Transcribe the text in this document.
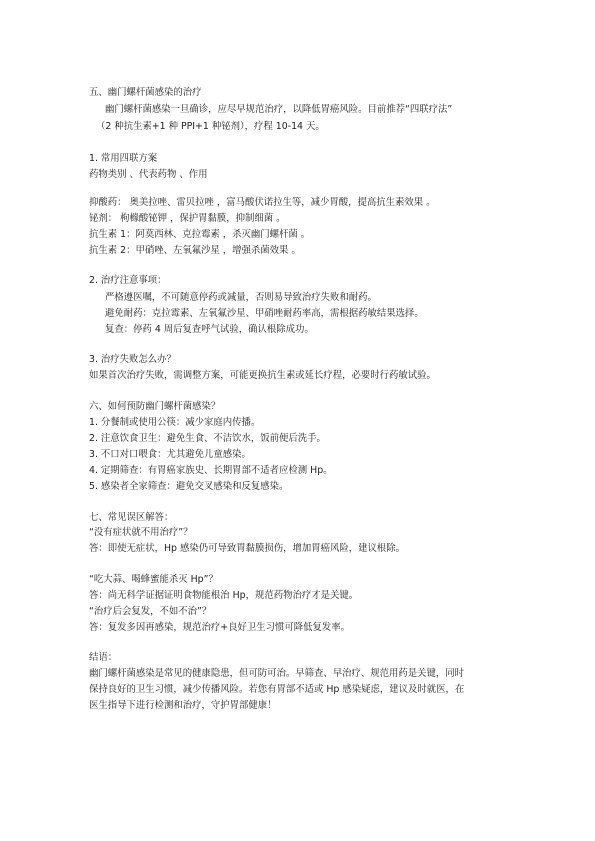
五、幽门螺杆菌感染的治疗
幽门螺杆菌感染一旦确诊，应尽早规范治疗，以降低胃癌风险。目前推荐“四联疗法”
（2 种抗生素+1 种 PPI+1 种铋剂），疗程 10-14 天。
1. 常用四联方案
药物类别 、代表药物 、作用
抑酸药： 奥美拉唑、雷贝拉唑 ，富马酸伏诺拉生等，减少胃酸，提高抗生素效果 。
铋剂： 枸橼酸铋钾 ，保护胃黏膜，抑制细菌 。
抗生素 1：阿莫西林、克拉霉素 ，杀灭幽门螺杆菌 。
抗生素 2：甲硝唑、左氧氟沙星 ，增强杀菌效果 。
2. 治疗注意事项：
严格遵医嘱，不可随意停药或减量，否则易导致治疗失败和耐药。
避免耐药：克拉霉素、左氧氟沙星、甲硝唑耐药率高，需根据药敏结果选择。
复查：停药 4 周后复查呼气试验，确认根除成功。
3. 治疗失败怎么办？
如果首次治疗失败，需调整方案，可能更换抗生素或延长疗程，必要时行药敏试验。
六、如何预防幽门螺杆菌感染？
1. 分餐制或使用公筷：减少家庭内传播。
2. 注意饮食卫生：避免生食、不洁饮水，饭前便后洗手。
3. 不口对口喂食：尤其避免儿童感染。
4. 定期筛查：有胃癌家族史、长期胃部不适者应检测 Hp。
5. 感染者全家筛查：避免交叉感染和反复感染。
七、常见误区解答：
“没有症状就不用治疗”？
答：即使无症状，Hp 感染仍可导致胃黏膜损伤，增加胃癌风险，建议根除。
“吃大蒜、喝蜂蜜能杀灭 Hp”？
答：尚无科学证据证明食物能根治 Hp，规范药物治疗才是关键。
“治疗后会复发，不如不治”？
答：复发多因再感染，规范治疗+良好卫生习惯可降低复发率。
结语：
幽门螺杆菌感染是常见的健康隐患，但可防可治。早筛查、早治疗、规范用药是关键，同时
保持良好的卫生习惯，减少传播风险。若您有胃部不适或 Hp 感染疑虑，建议及时就医，在
医生指导下进行检测和治疗，守护胃部健康！
